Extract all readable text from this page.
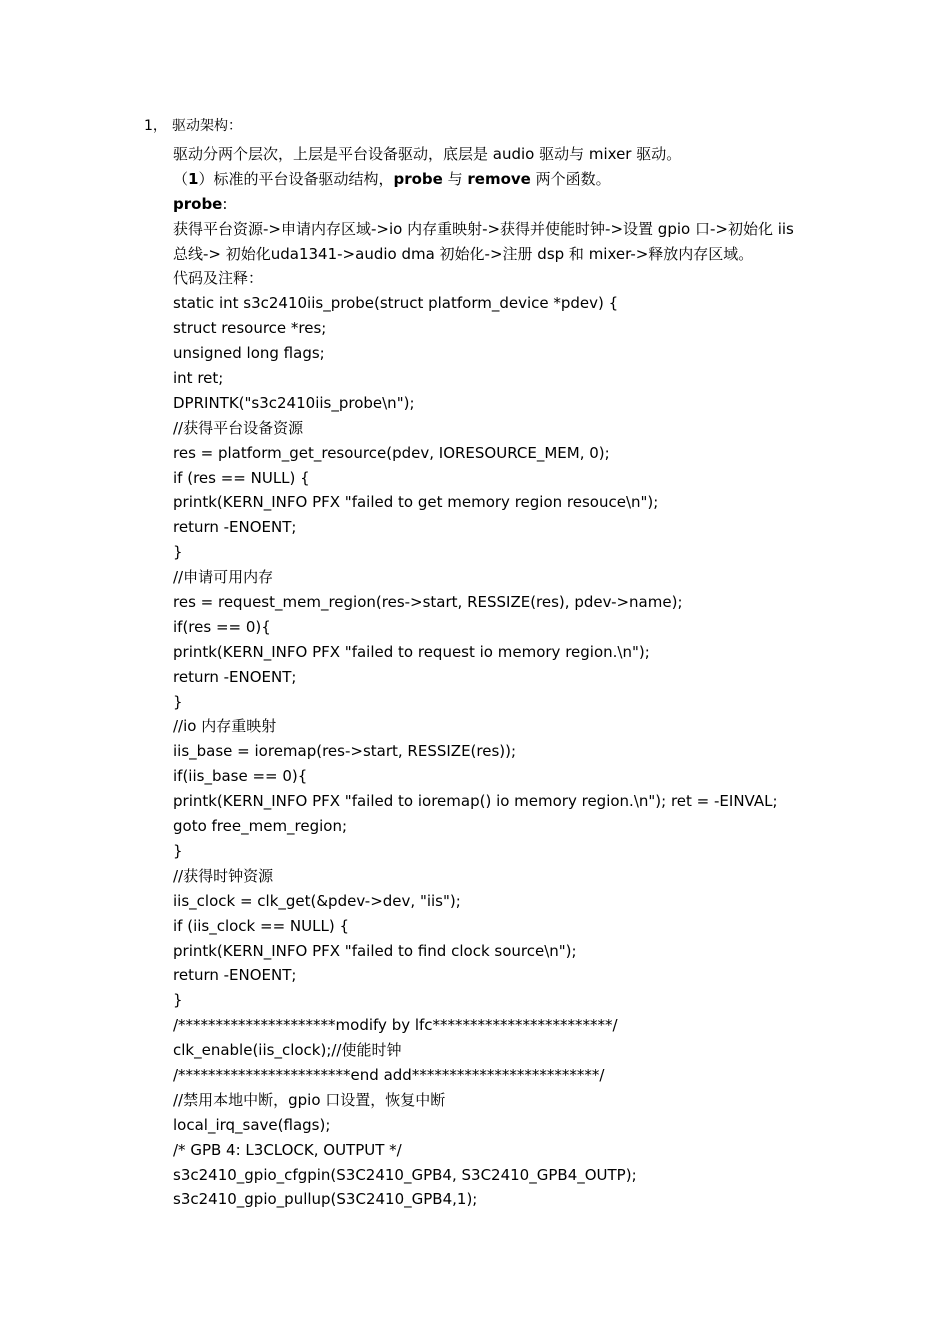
1， 驱动架构：
驱动分两个层次，上层是平台设备驱动，底层是 audio 驱动与 mixer 驱动。
（1）标准的平台设备驱动结构，probe 与 remove 两个函数。
probe:
获得平台资源->申请内存区域->io 内存重映射->获得并使能时钟->设置 gpio 口->初始化 iis
总线-> 初始化uda1341->audio dma 初始化->注册 dsp 和 mixer->释放内存区域。
代码及注释：
static int s3c2410iis_probe(struct platform_device *pdev) {
struct resource *res;
unsigned long flags;
int ret;
DPRINTK("s3c2410iis_probe\n");
//获得平台设备资源
res = platform_get_resource(pdev, IORESOURCE_MEM, 0);
if (res == NULL) {
printk(KERN_INFO PFX "failed to get memory region resouce\n");
return -ENOENT;
}
//申请可用内存
res = request_mem_region(res->start, RESSIZE(res), pdev->name);
if(res == 0){
printk(KERN_INFO PFX "failed to request io memory region.\n");
return -ENOENT;
}
//io 内存重映射
iis_base = ioremap(res->start, RESSIZE(res));
if(iis_base == 0){
printk(KERN_INFO PFX "failed to ioremap() io memory region.\n"); ret = -EINVAL;
goto free_mem_region;
}
//获得时钟资源
iis_clock = clk_get(&pdev->dev, "iis");
if (iis_clock == NULL) {
printk(KERN_INFO PFX "failed to find clock source\n");
return -ENOENT;
}
/*********************modify by lfc************************/
clk_enable(iis_clock);//使能时钟
/***********************end add*************************/
//禁用本地中断，gpio 口设置，恢复中断
local_irq_save(flags);
/* GPB 4: L3CLOCK, OUTPUT */
s3c2410_gpio_cfgpin(S3C2410_GPB4, S3C2410_GPB4_OUTP);
s3c2410_gpio_pullup(S3C2410_GPB4,1);
